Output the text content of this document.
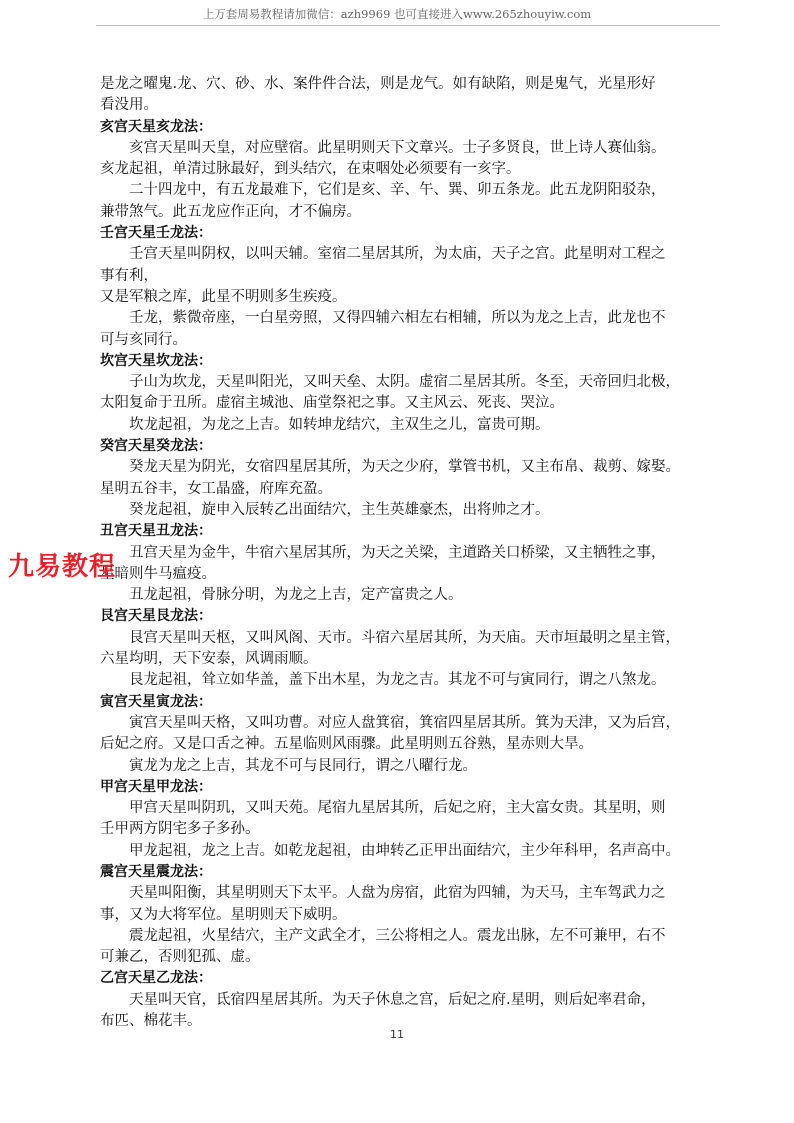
上万套周易教程请加微信：azh9969 也可直接进入www.265zhouyiw.com
是龙之曜鬼.龙、穴、砂、水、案件件合法，则是龙气。如有缺陷，则是鬼气，光星形好
看没用。
亥宫天星亥龙法：
亥宫天星叫天皇，对应壁宿。此星明则天下文章兴。士子多贤良，世上诗人赛仙翁。
亥龙起祖，单清过脉最好，到头结穴，在束咽处必须要有一亥字。
二十四龙中，有五龙最难下，它们是亥、辛、午、巽、卯五条龙。此五龙阴阳驳杂，
兼带煞气。此五龙应作正向，才不偏房。
壬宫天星壬龙法：
壬宫天星叫阴权，以叫天辅。室宿二星居其所，为太庙，天子之宫。此星明对工程之
事有利，
又是军粮之库，此星不明则多生疾疫。
壬龙，紫微帝座，一白星旁照，又得四辅六相左右相辅，所以为龙之上吉，此龙也不
可与亥同行。
坎宫天星坎龙法：
子山为坎龙，天星叫阳光，又叫天垒、太阴。虚宿二星居其所。冬至，天帝回归北极，
太阳复命于丑所。虚宿主城池、庙堂祭祀之事。又主风云、死丧、哭泣。
坎龙起祖，为龙之上吉。如转坤龙结穴，主双生之儿，富贵可期。
癸宫天星癸龙法：
癸龙天星为阴光，女宿四星居其所，为天之少府，掌管书机，又主布帛、裁剪、嫁娶。
星明五谷丰，女工晶盛，府库充盈。
癸龙起祖，旋申入辰转乙出面结穴，主生英雄豪杰，出将帅之才。
丑宫天星丑龙法：
丑宫天星为金牛，牛宿六星居其所，为天之关梁，主道路关口桥梁，又主牺牲之事，
星暗则牛马瘟疫。
丑龙起祖，骨脉分明，为龙之上吉，定产富贵之人。
艮宫天星艮龙法：
艮宫天星叫天枢，又叫风阁、天市。斗宿六星居其所，为天庙。天市垣最明之星主管，
六星均明，天下安泰，风调雨顺。
艮龙起祖，耸立如华盖，盖下出木星，为龙之吉。其龙不可与寅同行，谓之八煞龙。
寅宫天星寅龙法：
寅宫天星叫天格，又叫功曹。对应人盘箕宿，箕宿四星居其所。箕为天津，又为后宫，
后妃之府。又是口舌之神。五星临则风雨骤。此星明则五谷熟，星赤则大旱。
寅龙为龙之上吉，其龙不可与艮同行，谓之八曜行龙。
甲宫天星甲龙法：
甲宫天星叫阴玑，又叫天苑。尾宿九星居其所，后妃之府，主大富女贵。其星明，则
壬甲两方阴宅多子多孙。
甲龙起祖，龙之上吉。如乾龙起祖，由坤转乙正甲出面结穴，主少年科甲，名声高中。
震宫天星震龙法：
天星叫阳衡，其星明则天下太平。人盘为房宿，此宿为四辅，为天马，主车驾武力之
事，又为大将军位。星明则天下威明。
震龙起祖，火星结穴，主产文武全才，三公将相之人。震龙出脉，左不可兼甲，右不
可兼乙，否则犯孤、虚。
乙宫天星乙龙法：
天星叫天官，氐宿四星居其所。为天子休息之宫，后妃之府.星明，则后妃率君命，
布匹、棉花丰。
九易教程
11
